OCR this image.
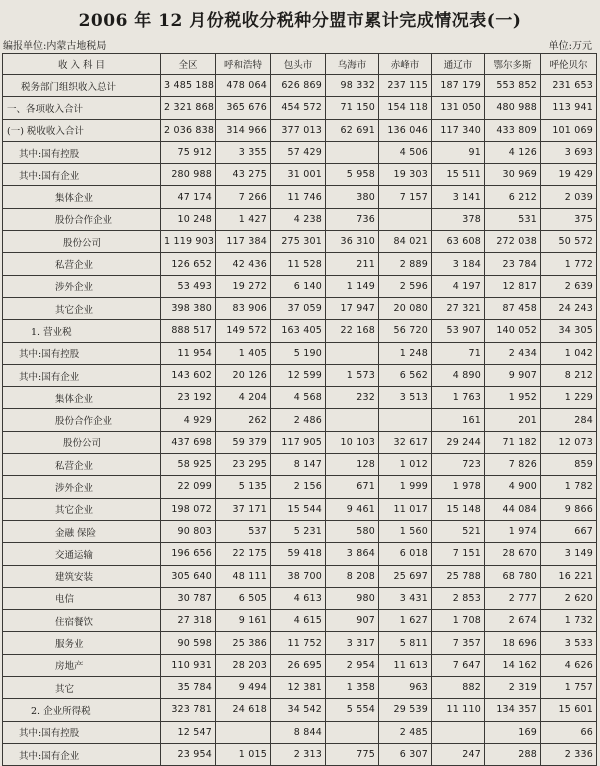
2006 年 12 月份税收分税种分盟市累计完成情况表(一)
编报单位:内蒙古地税局	单位:万元
收 入 科 目	全区	呼和浩特	包头市	乌海市	赤峰市	通辽市	鄂尔多斯	呼伦贝尔
税务部门组织收入总计	3 485 188	478 064	626 869	98 332	237 115	187 179	553 852	231 653
一、各项收入合计	2 321 868	365 676	454 572	71 150	154 118	131 050	480 988	113 941
(一) 税收收入合计	2 036 838	314 966	377 013	62 691	136 046	117 340	433 809	101 069
其中:国有控股	75 912	3 355	57 429		4 506	91	4 126	3 693
其中:国有企业	280 988	43 275	31 001	5 958	19 303	15 511	30 969	19 429
集体企业	47 174	7 266	11 746	380	7 157	3 141	6 212	2 039
股份合作企业	10 248	1 427	4 238	736		378	531	375
股份公司	1 119 903	117 384	275 301	36 310	84 021	63 608	272 038	50 572
私营企业	126 652	42 436	11 528	211	2 889	3 184	23 784	1 772
涉外企业	53 493	19 272	6 140	1 149	2 596	4 197	12 817	2 639
其它企业	398 380	83 906	37 059	17 947	20 080	27 321	87 458	24 243
1. 营业税	888 517	149 572	163 405	22 168	56 720	53 907	140 052	34 305
其中:国有控股	11 954	1 405	5 190		1 248	71	2 434	1 042
其中:国有企业	143 602	20 126	12 599	1 573	6 562	4 890	9 907	8 212
集体企业	23 192	4 204	4 568	232	3 513	1 763	1 952	1 229
股份合作企业	4 929	262	2 486			161	201	284
股份公司	437 698	59 379	117 905	10 103	32 617	29 244	71 182	12 073
私营企业	58 925	23 295	8 147	128	1 012	723	7 826	859
涉外企业	22 099	5 135	2 156	671	1 999	1 978	4 900	1 782
其它企业	198 072	37 171	15 544	9 461	11 017	15 148	44 084	9 866
金融 保险	90 803	537	5 231	580	1 560	521	1 974	667
交通运输	196 656	22 175	59 418	3 864	6 018	7 151	28 670	3 149
建筑安装	305 640	48 111	38 700	8 208	25 697	25 788	68 780	16 221
电信	30 787	6 505	4 613	980	3 431	2 853	2 777	2 620
住宿餐饮	27 318	9 161	4 615	907	1 627	1 708	2 674	1 732
服务业	90 598	25 386	11 752	3 317	5 811	7 357	18 696	3 533
房地产	110 931	28 203	26 695	2 954	11 613	7 647	14 162	4 626
其它	35 784	9 494	12 381	1 358	963	882	2 319	1 757
2. 企业所得税	323 781	24 618	34 542	5 554	29 539	11 110	134 357	15 601
其中:国有控股	12 547		8 844		2 485		169	66
其中:国有企业	23 954	1 015	2 313	775	6 307	247	288	2 336
